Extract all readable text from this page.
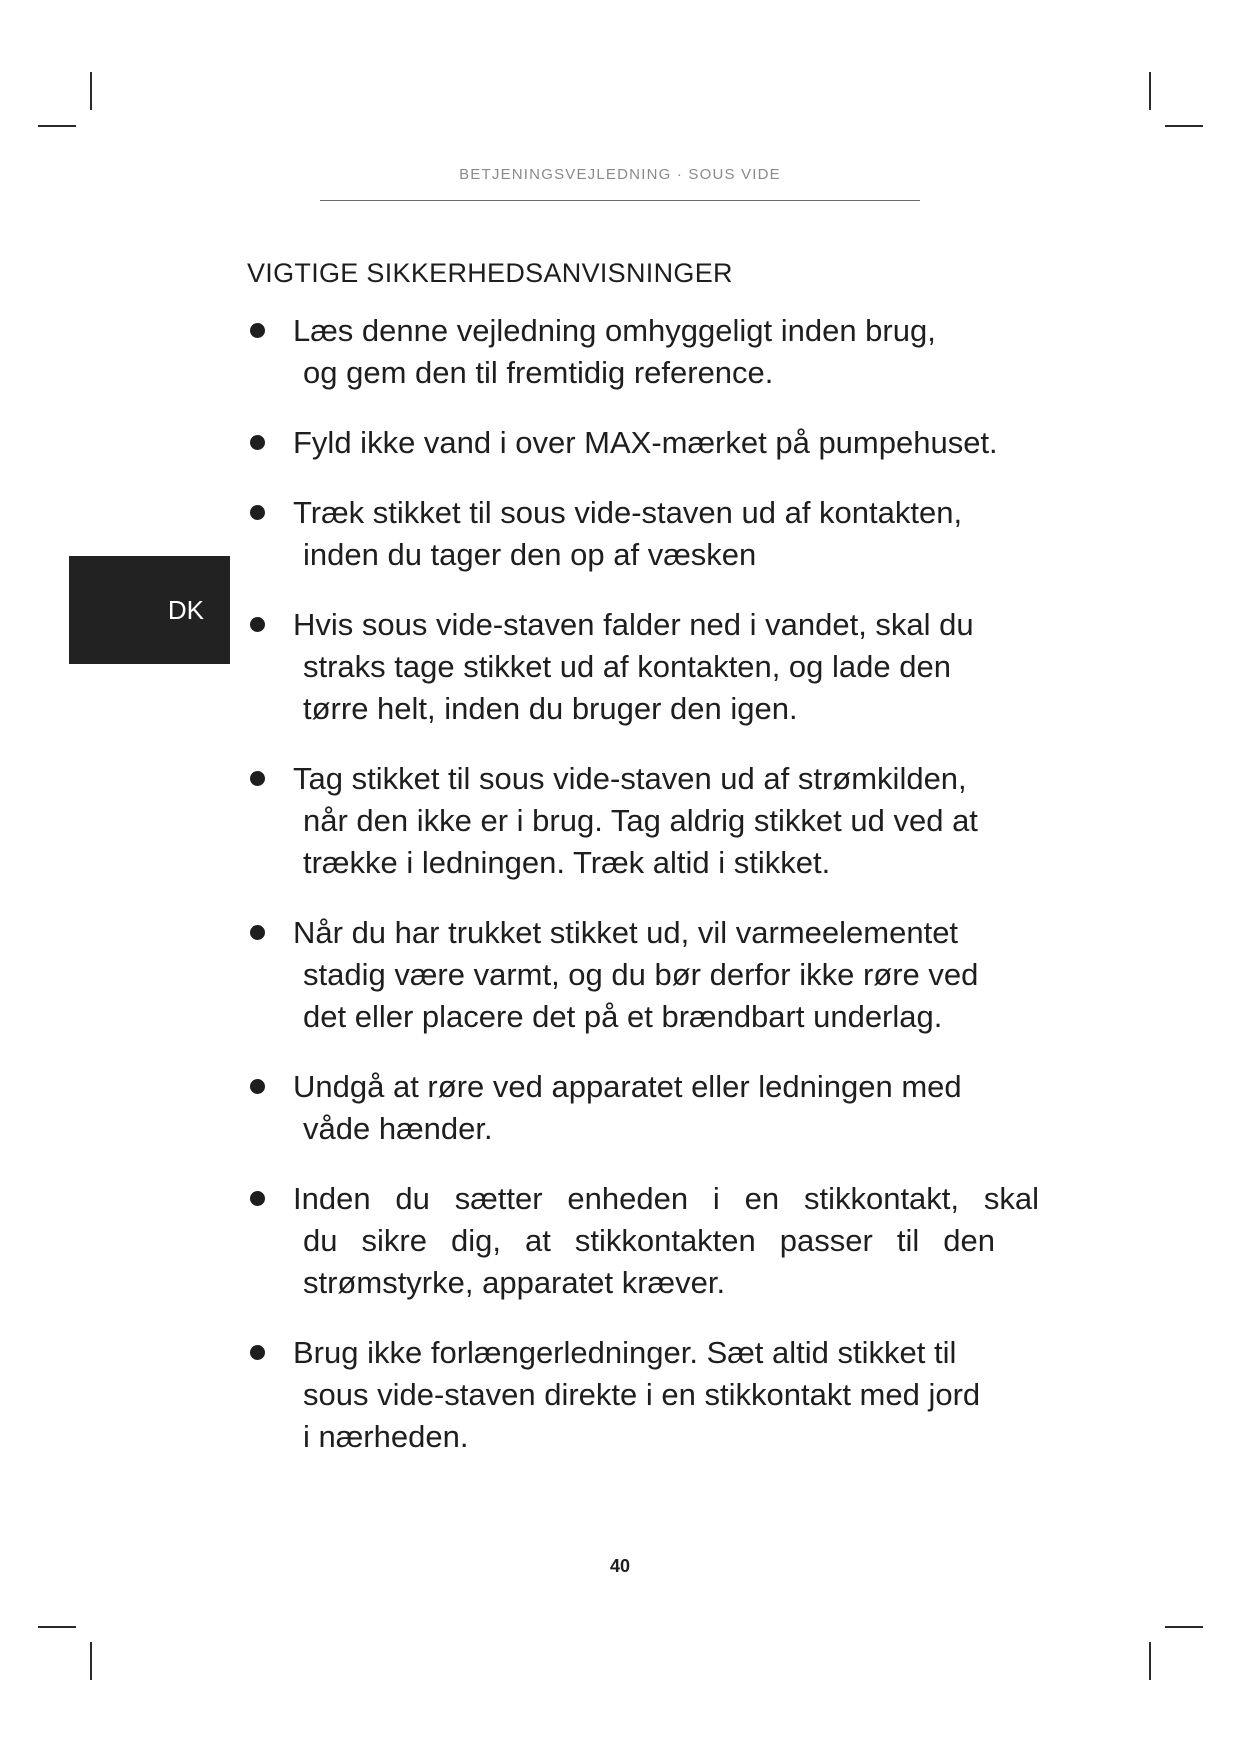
BETJENINGSVEJLEDNING · SOUS VIDE
DK
VIGTIGE SIKKERHEDSANVISNINGER
Læs denne vejledning omhyggeligt inden brug,
og gem den til fremtidig reference.
Fyld ikke vand i over MAX-mærket på pumpehuset.
Træk stikket til sous vide-staven ud af kontakten,
inden du tager den op af væsken
Hvis sous vide-staven falder ned i vandet, skal du
straks tage stikket ud af kontakten, og lade den
tørre helt, inden du bruger den igen.
Tag stikket til sous vide-staven ud af strømkilden,
når den ikke er i brug. Tag aldrig stikket ud ved at
trække i ledningen. Træk altid i stikket.
Når du har trukket stikket ud, vil varmeelementet
stadig være varmt, og du bør derfor ikke røre ved
det eller placere det på et brændbart underlag.
Undgå at røre ved apparatet eller ledningen med
våde hænder.
Inden du sætter enheden i en stikkontakt, skal
du sikre dig, at stikkontakten passer til den
strømstyrke, apparatet kræver.
Brug ikke forlængerledninger. Sæt altid stikket til
sous vide-staven direkte i en stikkontakt med jord
i nærheden.
40
